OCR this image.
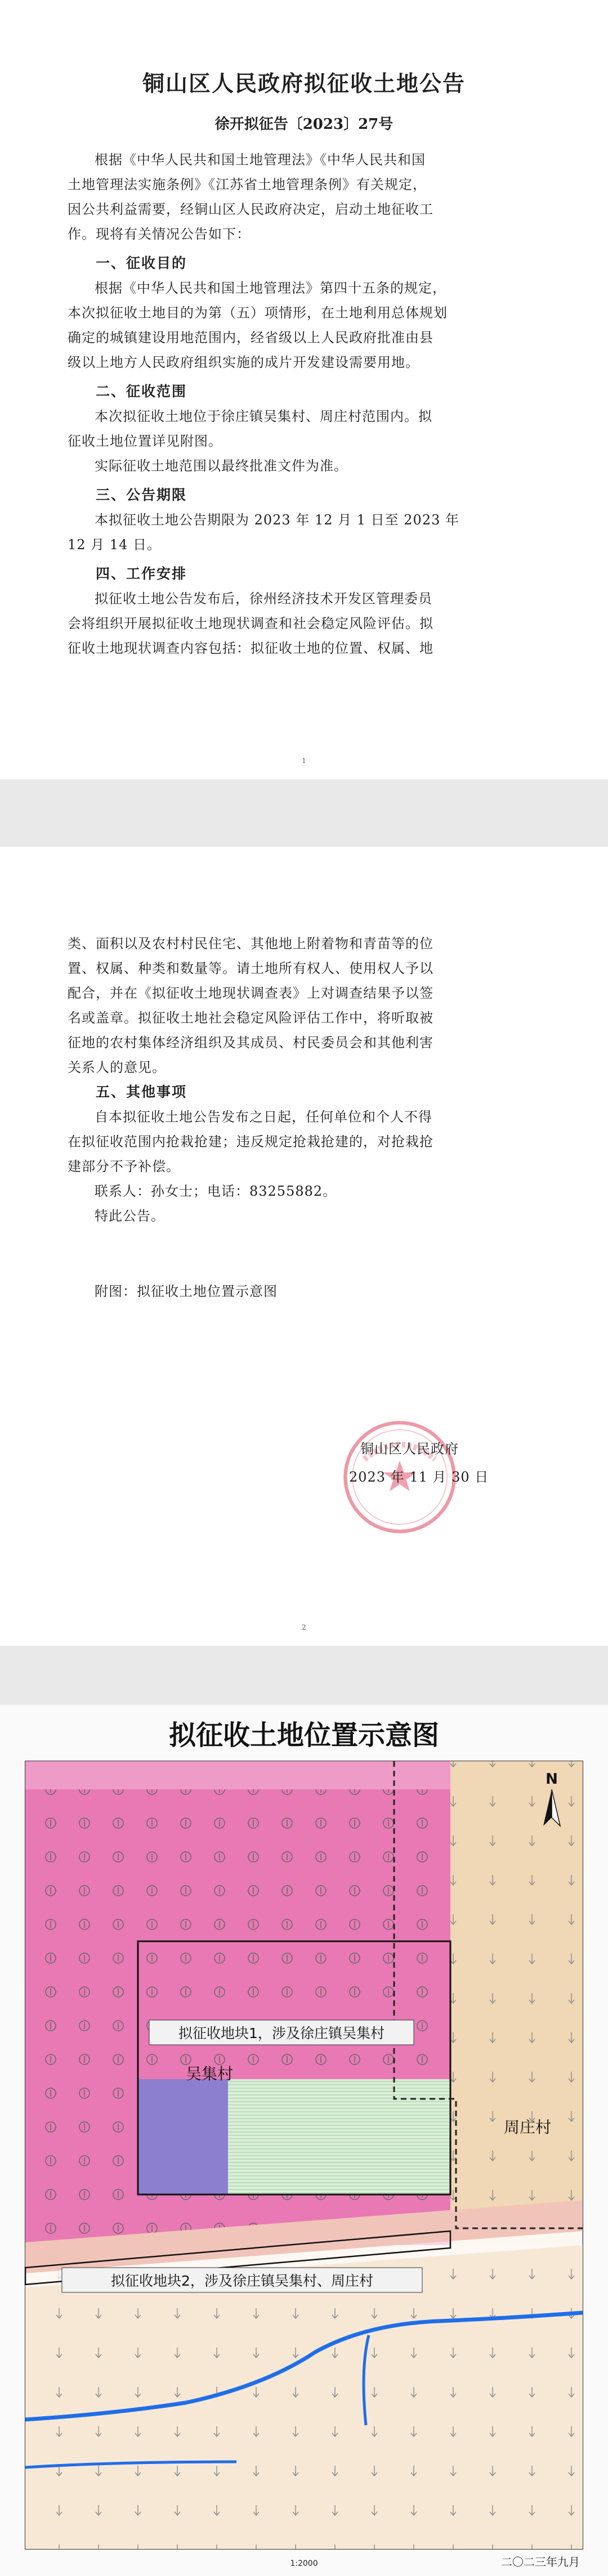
铜山区人民政府拟征收土地公告
徐开拟征告〔2023〕27号
根据《中华人民共和国土地管理法》《中华人民共和国
土地管理法实施条例》《江苏省土地管理条例》有关规定，
因公共利益需要，经铜山区人民政府决定，启动土地征收工
作。现将有关情况公告如下：
一、征收目的
根据《中华人民共和国土地管理法》第四十五条的规定，
本次拟征收土地目的为第（五）项情形，在土地利用总体规划
确定的城镇建设用地范围内，经省级以上人民政府批准由县
级以上地方人民政府组织实施的成片开发建设需要用地。
二、征收范围
本次拟征收土地位于徐庄镇吴集村、周庄村范围内。拟
征收土地位置详见附图。
实际征收土地范围以最终批准文件为准。
三、公告期限
本拟征收土地公告期限为 2023 年 12 月 1 日至 2023 年
12 月 14 日。
四、工作安排
拟征收土地公告发布后，徐州经济技术开发区管理委员
会将组织开展拟征收土地现状调查和社会稳定风险评估。拟
征收土地现状调查内容包括：拟征收土地的位置、权属、地
1
类、面积以及农村村民住宅、其他地上附着物和青苗等的位
置、权属、种类和数量等。请土地所有权人、使用权人予以
配合，并在《拟征收土地现状调查表》上对调查结果予以签
名或盖章。拟征收土地社会稳定风险评估工作中，将听取被
征地的农村集体经济组织及其成员、村民委员会和其他利害
关系人的意见。
五、其他事项
自本拟征收土地公告发布之日起，任何单位和个人不得
在拟征收范围内抢栽抢建；违反规定抢栽抢建的，对抢栽抢
建部分不予补偿。
联系人：孙女士；电话：83255882。
特此公告。
附图：拟征收土地位置示意图
铜山区人民政府
2023 年 11 月 30 日
2
拟征收土地位置示意图
拟征收地块1，涉及徐庄镇吴集村
吴集村
周庄村
拟征收地块2，涉及徐庄镇吴集村、周庄村
N
1:2000	二〇二三年九月
